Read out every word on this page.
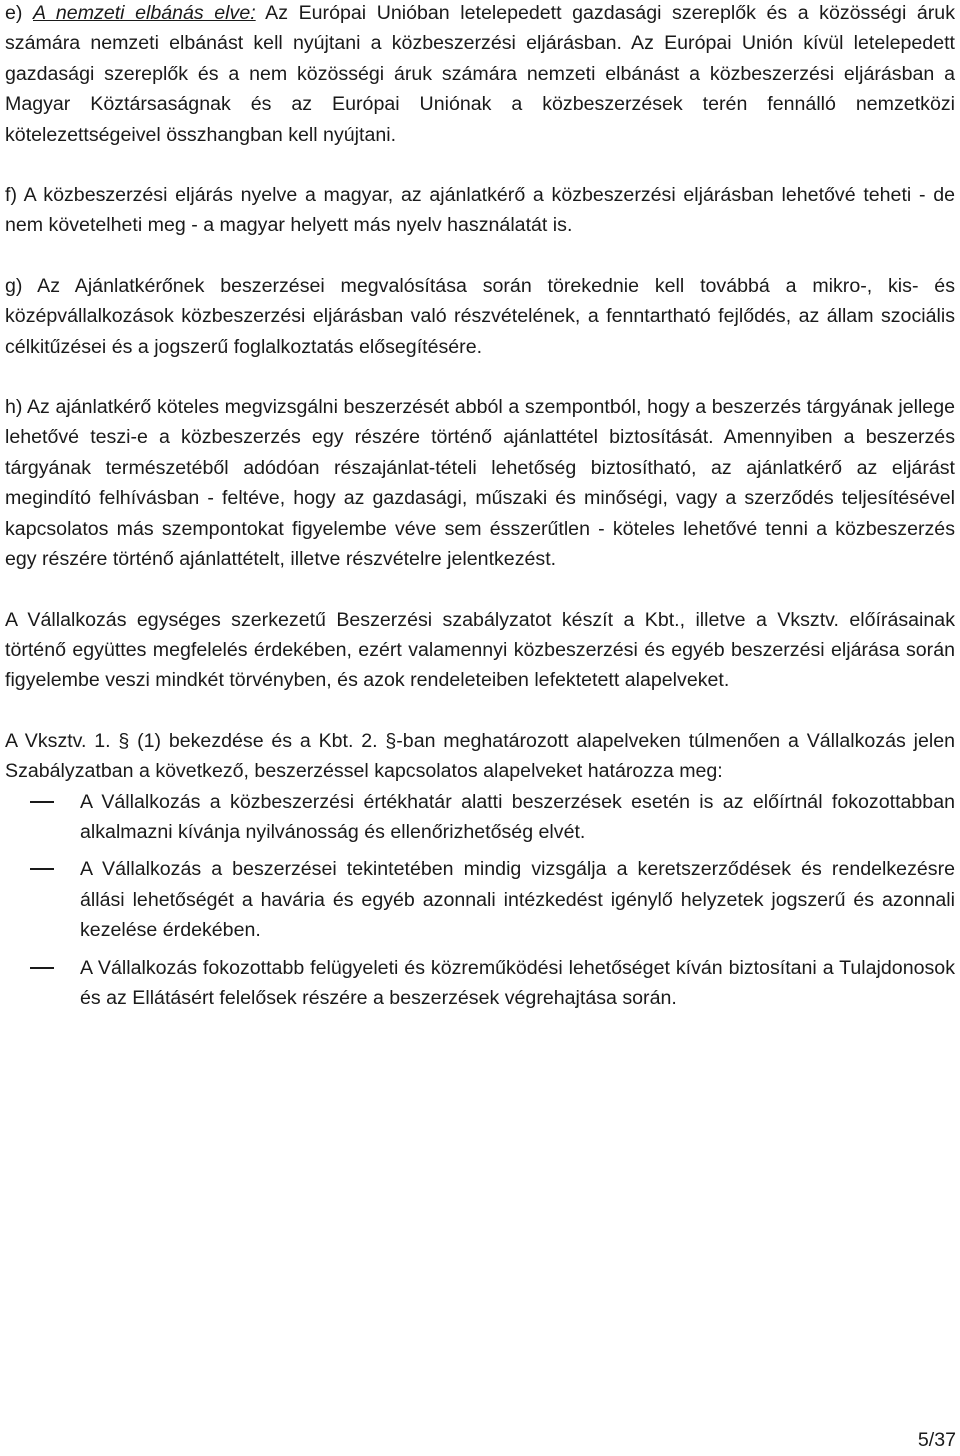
e) A nemzeti elbánás elve: Az Európai Unióban letelepedett gazdasági szereplők és a közösségi áruk számára nemzeti elbánást kell nyújtani a közbeszerzési eljárásban. Az Európai Unión kívül letelepedett gazdasági szereplők és a nem közösségi áruk számára nemzeti elbánást a közbeszerzési eljárásban a Magyar Köztársaságnak és az Európai Uniónak a közbeszerzések terén fennálló nemzetközi kötelezettségeivel összhangban kell nyújtani.

f) A közbeszerzési eljárás nyelve a magyar, az ajánlatkérő a közbeszerzési eljárásban lehetővé teheti - de nem követelheti meg - a magyar helyett más nyelv használatát is.

g) Az Ajánlatkérőnek beszerzései megvalósítása során törekednie kell továbbá a mikro-, kis- és középvállalkozások közbeszerzési eljárásban való részvételének, a fenntartható fejlődés, az állam szociális célkitűzései és a jogszerű foglalkoztatás elősegítésére.

h) Az ajánlatkérő köteles megvizsgálni beszerzését abból a szempontból, hogy a beszerzés tárgyának jellege lehetővé teszi-e a közbeszerzés egy részére történő ajánlattétel biztosítását. Amennyiben a beszerzés tárgyának természetéből adódóan részajánlat-tételi lehetőség biztosítható, az ajánlatkérő az eljárást megindító felhívásban - feltéve, hogy az gazdasági, műszaki és minőségi, vagy a szerződés teljesítésével kapcsolatos más szempontokat figyelembe véve sem ésszerűtlen - köteles lehetővé tenni a közbeszerzés egy részére történő ajánlattételt, illetve részvételre jelentkezést.

A Vállalkozás egységes szerkezetű Beszerzési szabályzatot készít a Kbt., illetve a Vksztv. előírásainak történő együttes megfelelés érdekében, ezért valamennyi közbeszerzési és egyéb beszerzési eljárása során figyelembe veszi mindkét törvényben, és azok rendeleteiben lefektetett alapelveket.

A Vksztv. 1. § (1) bekezdése és a Kbt. 2. §-ban meghatározott alapelveken túlmenően a Vállalkozás jelen Szabályzatban a következő, beszerzéssel kapcsolatos alapelveket határozza meg:

A Vállalkozás a közbeszerzési értékhatár alatti beszerzések esetén is az előírtnál fokozottabban alkalmazni kívánja nyilvánosság és ellenőrizhetőség elvét.
A Vállalkozás a beszerzései tekintetében mindig vizsgálja a keretszerződések és rendelkezésre állási lehetőségét a havária és egyéb azonnali intézkedést igénylő helyzetek jogszerű és azonnali kezelése érdekében.
A Vállalkozás fokozottabb felügyeleti és közreműködési lehetőséget kíván biztosítani a Tulajdonosok és az Ellátásért felelősek részére a beszerzések végrehajtása során.
5/37
